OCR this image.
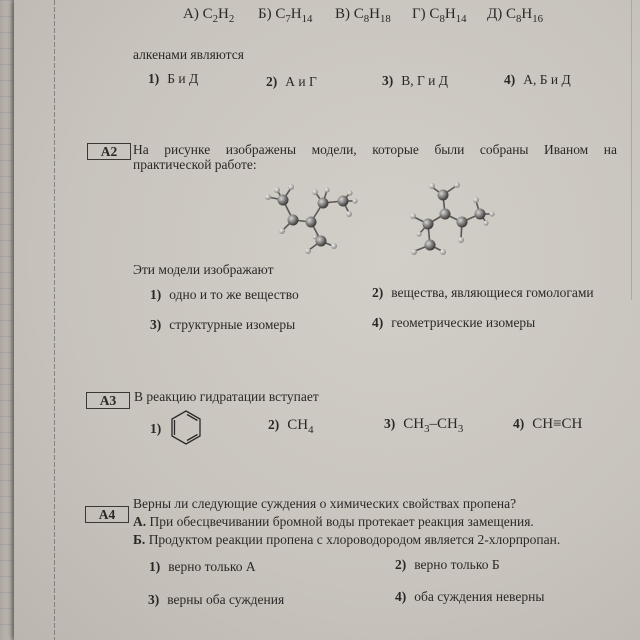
А) $C_2H_2$ Б) $C_7H_{14}$ В) $C_8H_{18}$ Г) $C_8H_{14}$ Д) $C_8H_{16}$
алкенами являются
1) Б и Д	2) А и Г	3) В, Г и Д	4) А, Б и Д
А2	На рисунке изображены модели, которые были собраны Иваном на
практической работе:
Эти модели изображают
1) одно и то же вещество	2) вещества, являющиеся гомологами
3) структурные изомеры	4) геометрические изомеры
А3	В реакцию гидратации вступает
1)	2) $CH_4$	3) $CH_3-CH_3$	4) CH≡CH
А4
Верны ли следующие суждения о химических свойствах пропена?
А. При обесцвечивании бромной воды протекает реакция замещения.
Б. Продуктом реакции пропена с хлороводородом является 2-хлорпропан.
1) верно только А	2) верно только Б
3) верны оба суждения	4) оба суждения неверны
